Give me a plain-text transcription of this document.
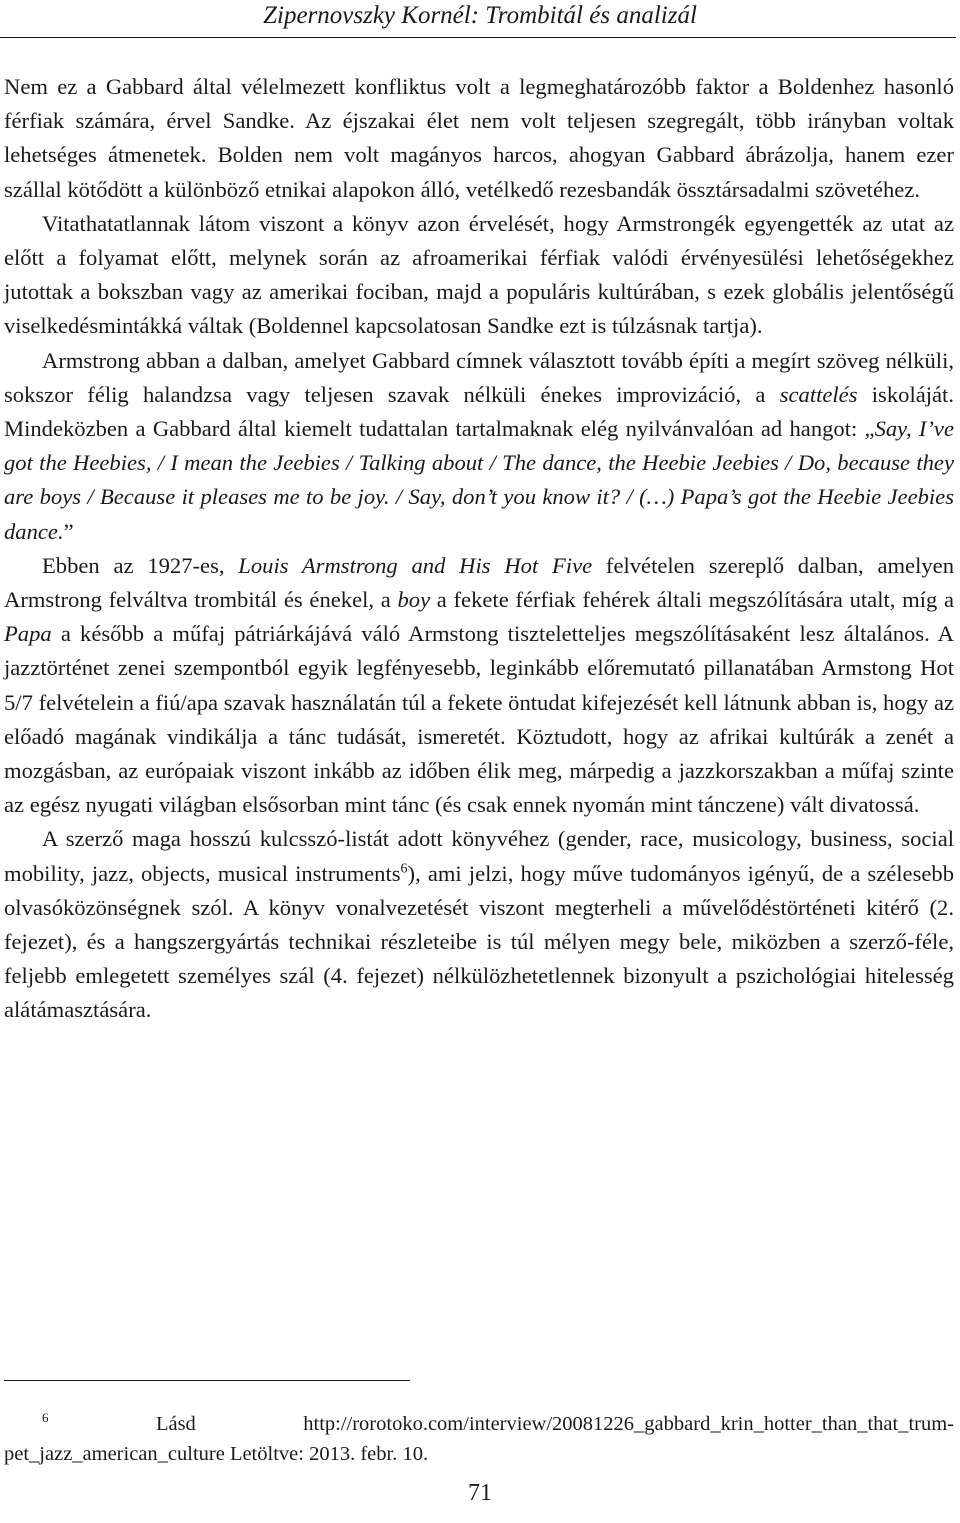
Zipernovszky Kornél: Trombitál és analizál

Nem ez a Gabbard által vélelmezett konfliktus volt a legmeghatározóbb faktor a Boldenhez hasonló férfiak számára, érvel Sandke. Az éjszakai élet nem volt teljesen szegregált, több irányban voltak lehetséges átmenetek. Bolden nem volt magányos harcos, ahogyan Gabbard ábrázolja, hanem ezer szállal kötődött a különböző etnikai alapokon álló, vetélkedő rezesbandák össztársadalmi szövetéhez.

Vitathatatlannak látom viszont a könyv azon érvelését, hogy Armstrongék egyengették az utat az előtt a folyamat előtt, melynek során az afroamerikai férfiak valódi érvényesülési lehetőségekhez jutottak a bokszban vagy az amerikai fociban, majd a populáris kultúrában, s ezek globális jelentőségű viselkedésmintákká váltak (Boldennel kapcsolatosan Sandke ezt is túlzásnak tartja).

Armstrong abban a dalban, amelyet Gabbard címnek választott tovább építi a megírt szöveg nélküli, sokszor félig halandzsa vagy teljesen szavak nélküli énekes improvizáció, a scattelés iskoláját. Mindeközben a Gabbard által kiemelt tudattalan tartalmaknak elég nyilvánvalóan ad hangot: „Say, I’ve got the Heebies, / I mean the Jeebies / Talking about / The dance, the Heebie Jeebies / Do, because they are boys / Because it pleases me to be joy. / Say, don’t you know it? / (…) Papa’s got the Heebie Jeebies dance.”

Ebben az 1927-es, Louis Armstrong and His Hot Five felvételen szereplő dalban, amelyen Armstrong felváltva trombitál és énekel, a boy a fekete férfiak fehérek általi megszólítására utalt, míg a Papa a később a műfaj pátriárkájává váló Armstong tiszteletteljes megszólításaként lesz általános. A jazztörténet zenei szempontból egyik legfényesebb, leginkább előremutató pillanatában Armstong Hot 5/7 felvételein a fiú/apa szavak használatán túl a fekete öntudat kifejezését kell látnunk abban is, hogy az előadó magának vindikálja a tánc tudását, ismeretét. Köztudott, hogy az afrikai kultúrák a zenét a mozgásban, az európaiak viszont inkább az időben élik meg, márpedig a jazzkorszakban a műfaj szinte az egész nyugati világban elsősorban mint tánc (és csak ennek nyomán mint tánczene) vált divatossá.

A szerző maga hosszú kulcsszó-listát adott könyvéhez (gender, race, musicology, business, social mobility, jazz, objects, musical instruments$^6$), ami jelzi, hogy műve tudományos igényű, de a szélesebb olvasóközönségnek szól. A könyv vonalvezetését viszont megterheli a művelődéstörténeti kitérő (2. fejezet), és a hangszergyártás technikai részleteibe is túl mélyen megy bele, miközben a szerző-féle, feljebb emlegetett személyes szál (4. fejezet) nélkülözhetetlennek bizonyult a pszichológiai hitelesség alátámasztására.

$^6$	Lásd http://rorotoko.com/interview/20081226_gabbard_krin_hotter_than_that_trum-pet_jazz_american_culture Letöltve: 2013. febr. 10.

71
